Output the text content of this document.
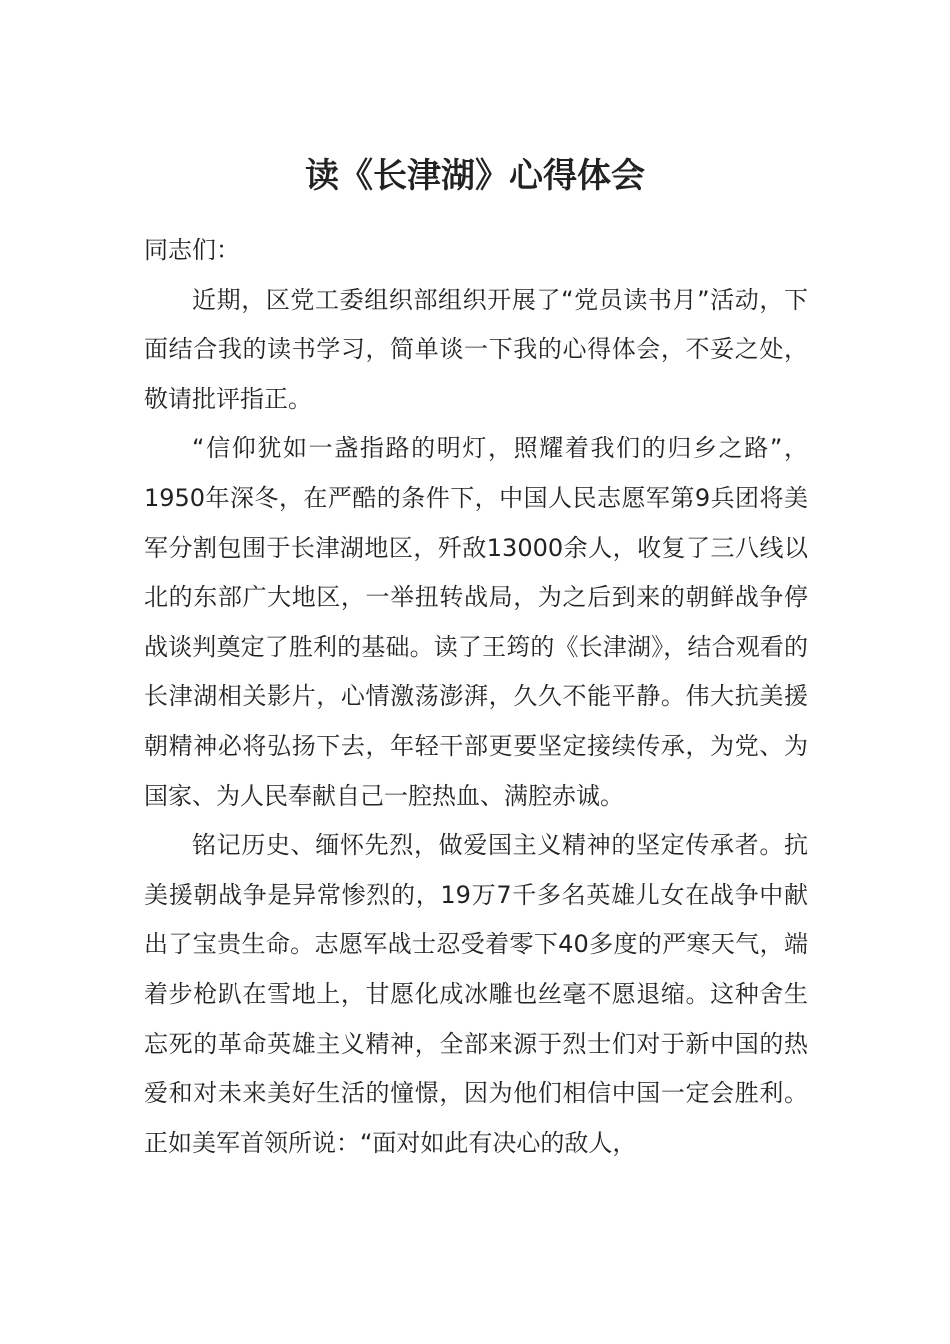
读《长津湖》心得体会

同志们：

近期，区党工委组织部组织开展了“党员读书月”活动，下面结合我的读书学习，简单谈一下我的心得体会，不妥之处，敬请批评指正。

“信仰犹如一盏指路的明灯，照耀着我们的归乡之路”，1950年深冬，在严酷的条件下，中国人民志愿军第9兵团将美军分割包围于长津湖地区，歼敌13000余人，收复了三八线以北的东部广大地区，一举扭转战局，为之后到来的朝鲜战争停战谈判奠定了胜利的基础。读了王筠的《长津湖》，结合观看的长津湖相关影片，心情激荡澎湃，久久不能平静。伟大抗美援朝精神必将弘扬下去，年轻干部更要坚定接续传承，为党、为国家、为人民奉献自己一腔热血、满腔赤诚。

铭记历史、缅怀先烈，做爱国主义精神的坚定传承者。抗美援朝战争是异常惨烈的，19万7千多名英雄儿女在战争中献出了宝贵生命。志愿军战士忍受着零下40多度的严寒天气，端着步枪趴在雪地上，甘愿化成冰雕也丝毫不愿退缩。这种舍生忘死的革命英雄主义精神，全部来源于烈士们对于新中国的热爱和对未来美好生活的憧憬，因为他们相信中国一定会胜利。正如美军首领所说：“面对如此有决心的敌人，
